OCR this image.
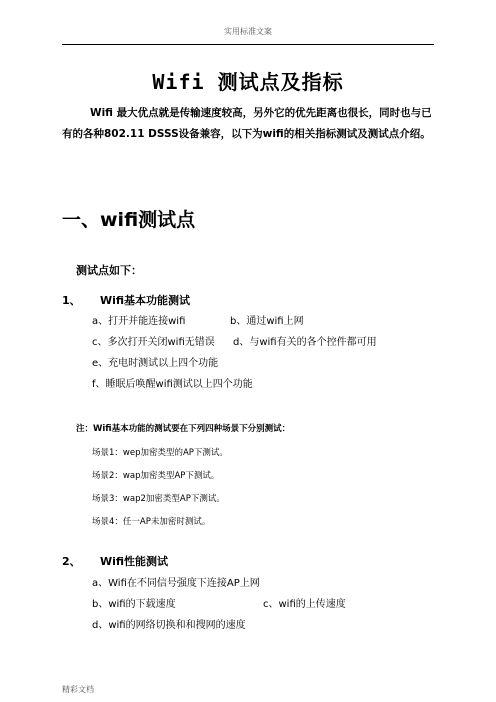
实用标准文案
Wifi 测试点及指标
Wifi 最大优点就是传输速度较高，另外它的优先距离也很长，同时也与已有的各种802.11 DSSS设备兼容，以下为wifi的相关指标测试及测试点介绍。
一、wifi测试点
测试点如下：
1、 Wifi基本功能测试
a、打开并能连接wifi	b、通过wifi上网
c、多次打开关闭wifi无错误 d、与wifi有关的各个控件都可用
e、充电时测试以上四个功能
f、睡眠后唤醒wifi测试以上四个功能
注：Wifi基本功能的测试要在下列四种场景下分别测试：
场景1：wep加密类型的AP下测试。
场景2：wap加密类型AP下测试。
场景3：wap2加密类型AP下测试。
场景4：任一AP未加密时测试。
2、 Wifi性能测试
a、Wifi在不同信号强度下连接AP上网
b、wifi的下载速度	c、wifi的上传速度
d、wifi的网络切换和和搜网的速度
精彩文档
